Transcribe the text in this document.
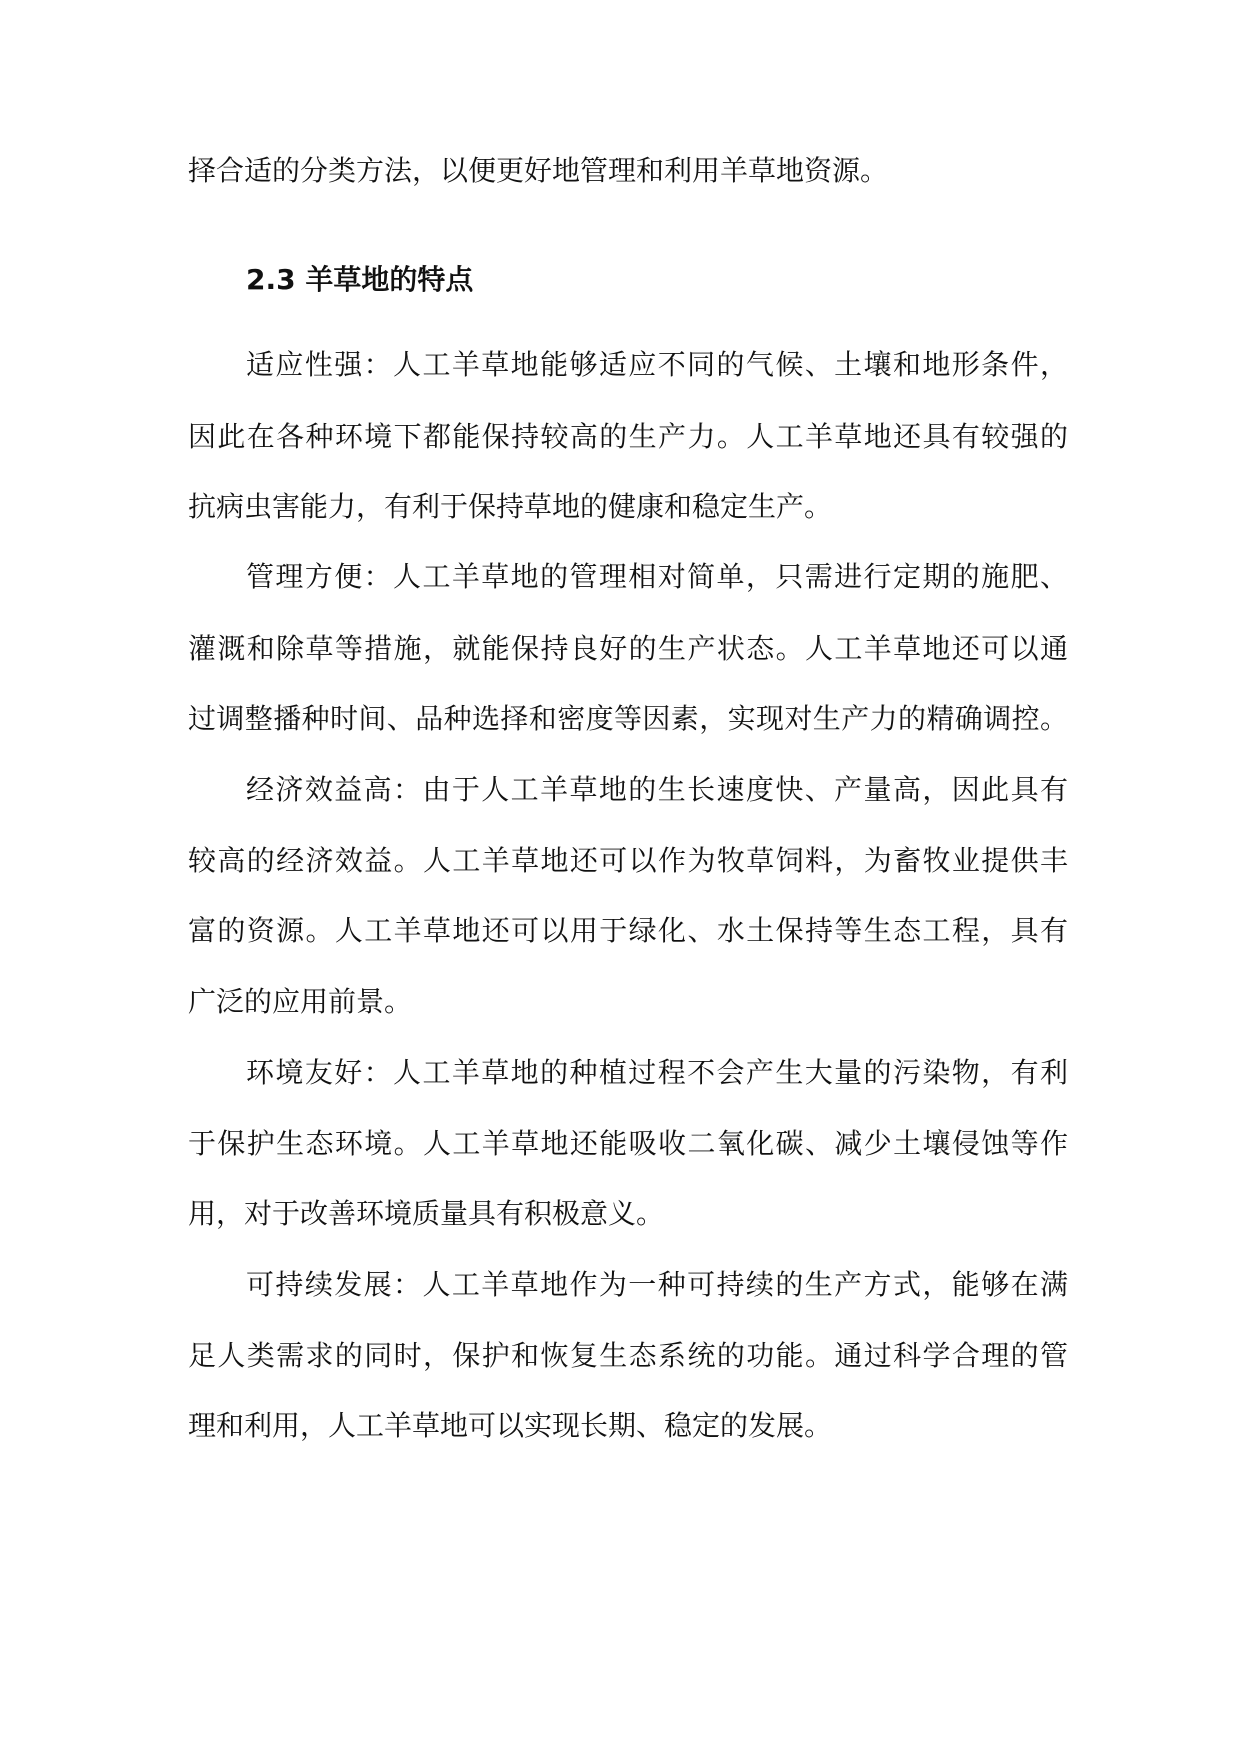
择合适的分类方法，以便更好地管理和利用羊草地资源。
2.3 羊草地的特点
适应性强：人工羊草地能够适应不同的气候、土壤和地形条件，
因此在各种环境下都能保持较高的生产力。人工羊草地还具有较强的
抗病虫害能力，有利于保持草地的健康和稳定生产。
管理方便：人工羊草地的管理相对简单，只需进行定期的施肥、
灌溉和除草等措施，就能保持良好的生产状态。人工羊草地还可以通
过调整播种时间、品种选择和密度等因素，实现对生产力的精确调控。
经济效益高：由于人工羊草地的生长速度快、产量高，因此具有
较高的经济效益。人工羊草地还可以作为牧草饲料，为畜牧业提供丰
富的资源。人工羊草地还可以用于绿化、水土保持等生态工程，具有
广泛的应用前景。
环境友好：人工羊草地的种植过程不会产生大量的污染物，有利
于保护生态环境。人工羊草地还能吸收二氧化碳、减少土壤侵蚀等作
用，对于改善环境质量具有积极意义。
可持续发展：人工羊草地作为一种可持续的生产方式，能够在满
足人类需求的同时，保护和恢复生态系统的功能。通过科学合理的管
理和利用，人工羊草地可以实现长期、稳定的发展。
